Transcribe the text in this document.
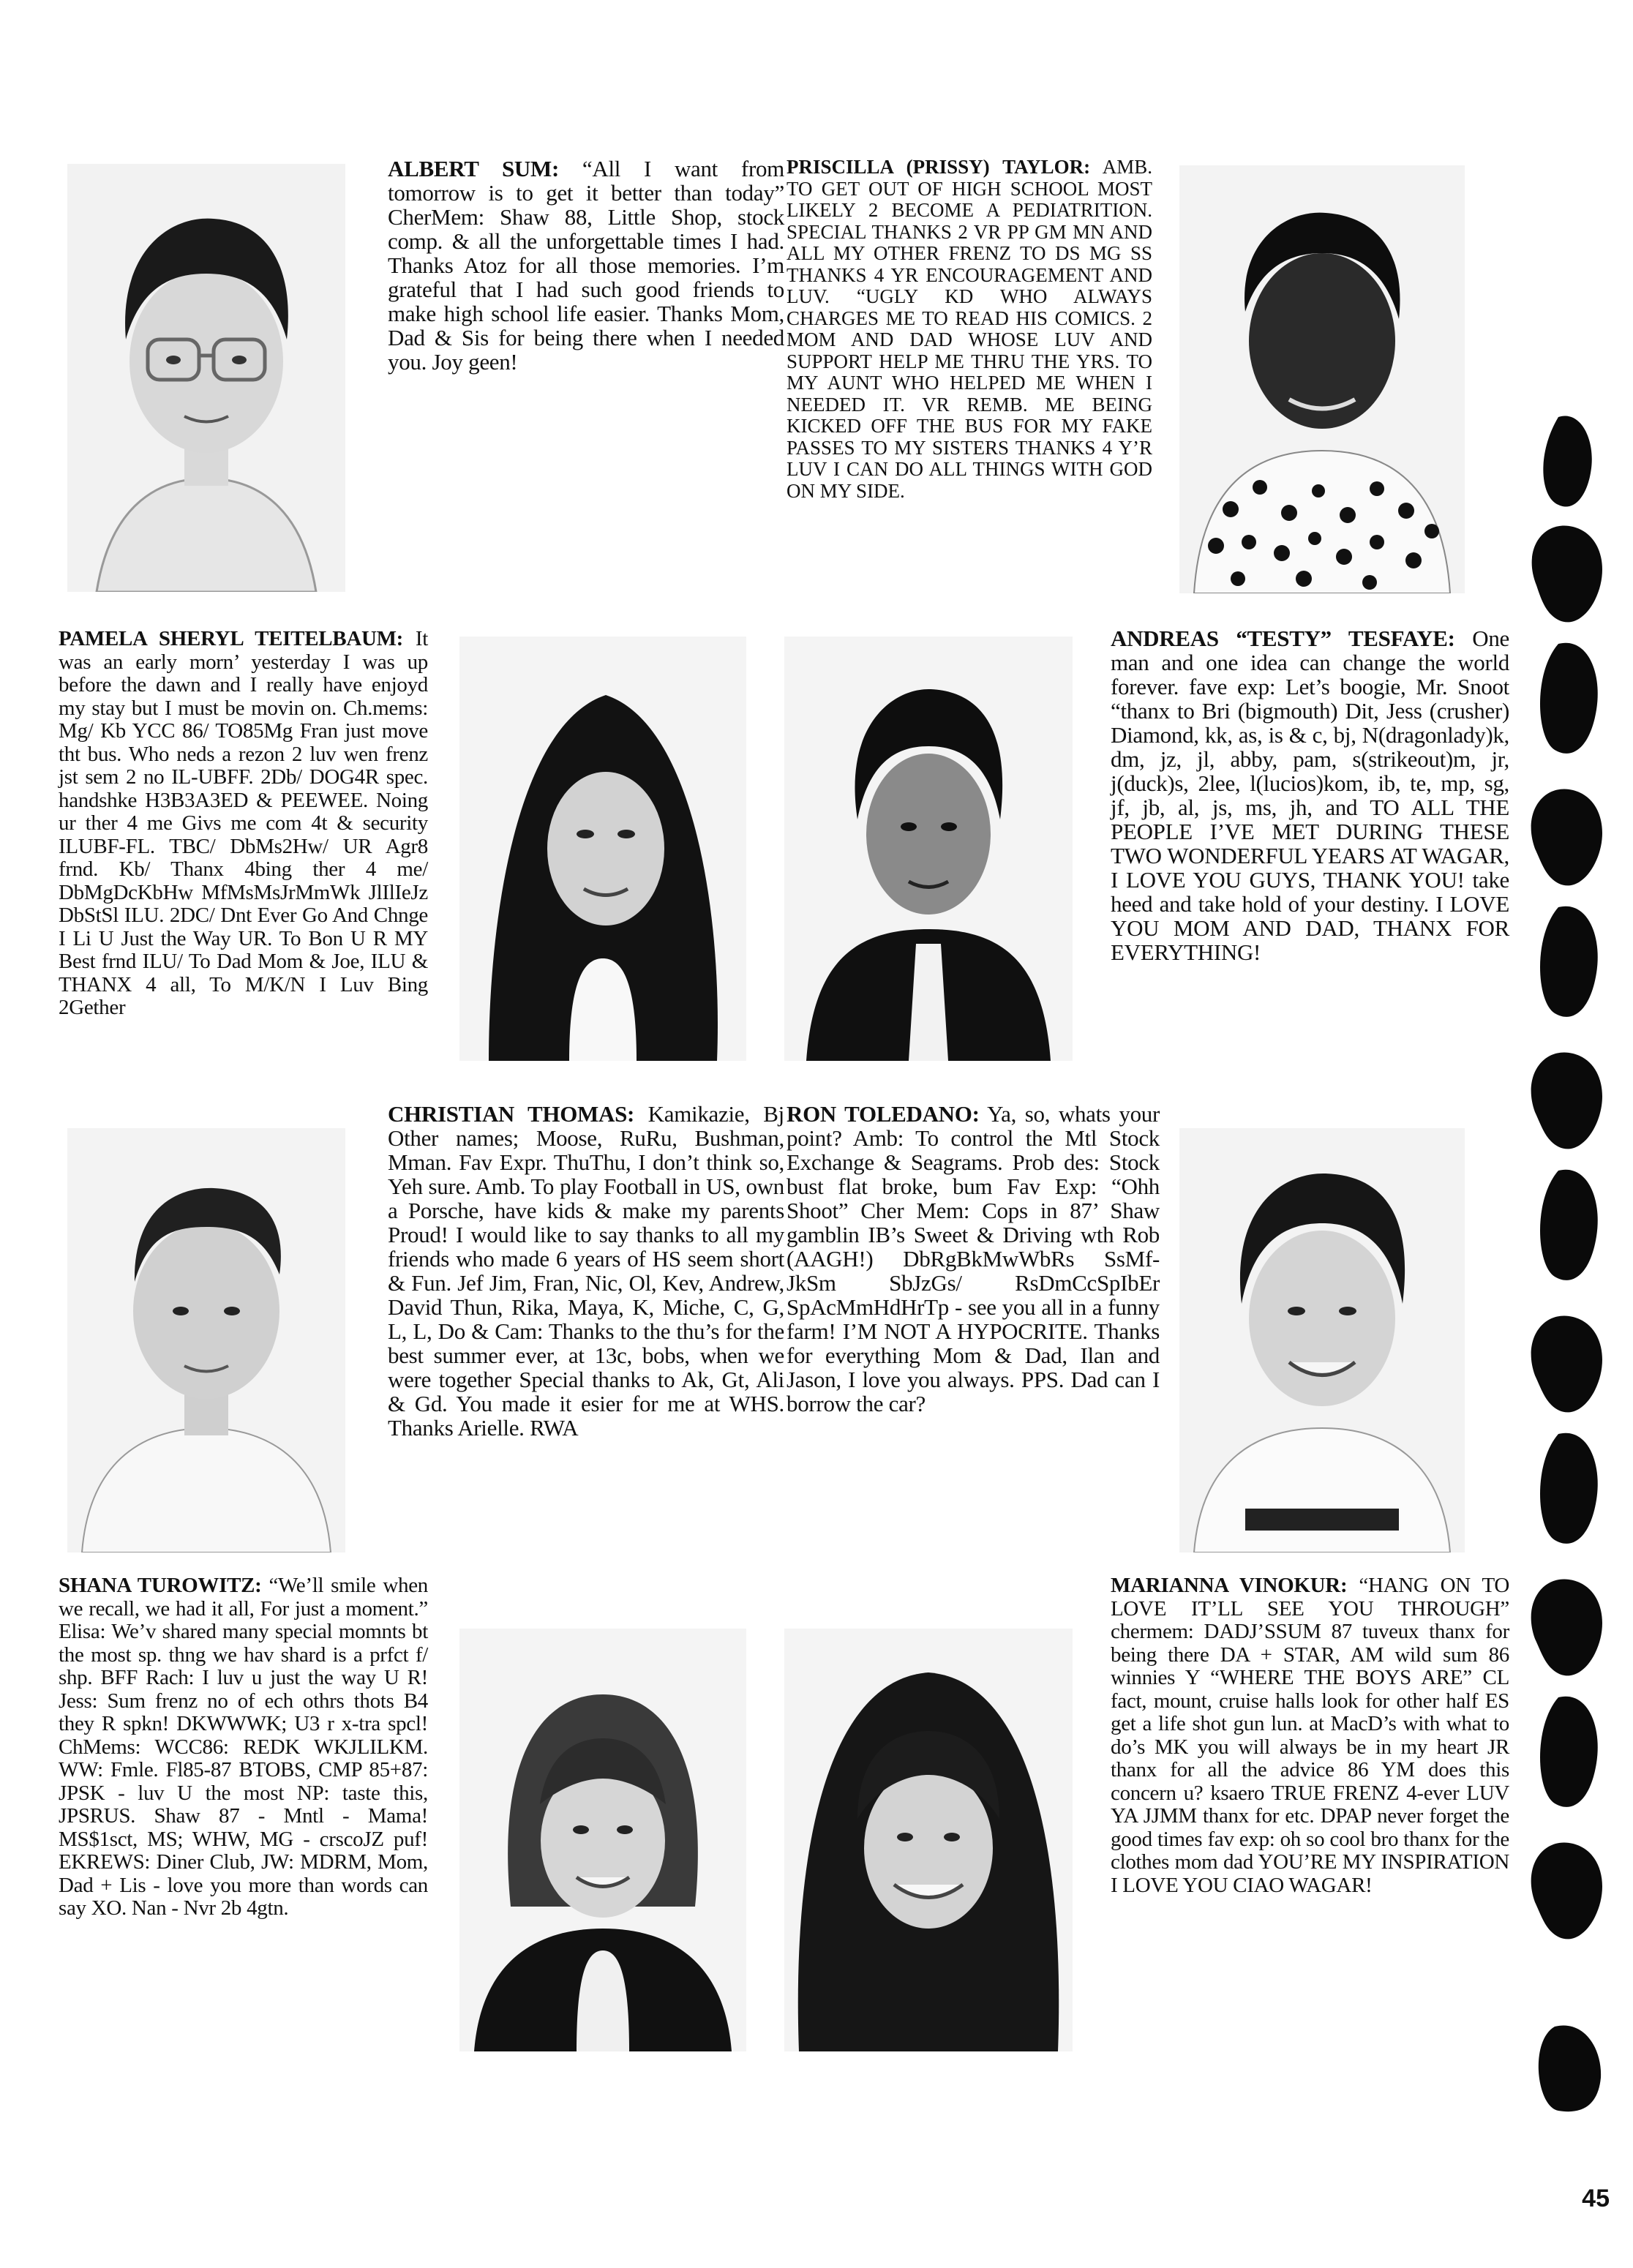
ALBERT SUM: “All I want from tomorrow is to get it better than today” CherMem: Shaw 88, Little Shop, stock comp. & all the unforgettable times I had. Thanks Atoz for all those memories. I’m grateful that I had such good friends to make high school life easier. Thanks Mom, Dad & Sis for being there when I needed you. Joy geen!

PRISCILLA (PRISSY) TAYLOR: AMB. TO GET OUT OF HIGH SCHOOL MOST LIKELY 2 BECOME A PEDIATRITION. SPECIAL THANKS 2 VR PP GM MN AND ALL MY OTHER FRENZ TO DS MG SS THANKS 4 YR ENCOURAGEMENT AND LUV. “UGLY KD WHO ALWAYS CHARGES ME TO READ HIS COMICS. 2 MOM AND DAD WHOSE LUV AND SUPPORT HELP ME THRU THE YRS. TO MY AUNT WHO HELPED ME WHEN I NEEDED IT. VR REMB. ME BEING KICKED OFF THE BUS FOR MY FAKE PASSES TO MY SISTERS THANKS 4 Y’R LUV I CAN DO ALL THINGS WITH GOD ON MY SIDE.

PAMELA SHERYL TEITELBAUM: It was an early morn’ yesterday I was up before the dawn and I really have enjoyd my stay but I must be movin on. Ch.mems: Mg/ Kb YCC 86/ TO85Mg Fran just move tht bus. Who neds a rezon 2 luv wen frenz jst sem 2 no IL-UBFF. 2Db/ DOG4R spec. handshke H3B3A3ED & PEEWEE. Noing ur ther 4 me Givs me com 4t & security ILUBF-FL. TBC/ DbMs2Hw/ UR Agr8 frnd. Kb/ Thanx 4bing ther 4 me/ DbMgDcKbHw MfMsMsJrMmWk JlIlIeJz DbStSl ILU. 2DC/ Dnt Ever Go And Chnge I Li U Just the Way UR. To Bon U R MY Best frnd ILU/ To Dad Mom & Joe, ILU & THANX 4 all, To M/K/N I Luv Bing 2Gether

ANDREAS “TESTY” TESFAYE: One man and one idea can change the world forever. fave exp: Let’s boogie, Mr. Snoot “thanx to Bri (bigmouth) Dit, Jess (crusher) Diamond, kk, as, is & c, bj, N(dragonlady)k, dm, jz, jl, abby, pam, s(strikeout)m, jr, j(duck)s, 2lee, l(lucios)kom, ib, te, mp, sg, jf, jb, al, js, ms, jh, and TO ALL THE PEOPLE I’VE MET DURING THESE TWO WONDERFUL YEARS AT WAGAR, I LOVE YOU GUYS, THANK YOU! take heed and take hold of your destiny. I LOVE YOU MOM AND DAD, THANX FOR EVERYTHING!

CHRISTIAN THOMAS: Kamikazie, Bj Other names; Moose, RuRu, Bushman, Mman. Fav Expr. ThuThu, I don’t think so, Yeh sure. Amb. To play Football in US, own a Porsche, have kids & make my parents Proud! I would like to say thanks to all my friends who made 6 years of HS seem short & Fun. Jef Jim, Fran, Nic, Ol, Kev, Andrew, David Thun, Rika, Maya, K, Miche, C, G, L, L, Do & Cam: Thanks to the thu’s for the best summer ever, at 13c, bobs, when we were together Special thanks to Ak, Gt, Ali & Gd. You made it esier for me at WHS. Thanks Arielle. RWA

RON TOLEDANO: Ya, so, whats your point? Amb: To control the Mtl Stock Exchange & Seagrams. Prob des: Stock bust flat broke, bum Fav Exp: “Ohh Shoot” Cher Mem: Cops in 87’ Shaw gamblin IB’s Sweet & Driving wth Rob (AAGH!) DbRgBkMwWbRs SsMf-JkSm SbJzGs/ RsDmCcSpIbEr SpAcMmHdHrTp - see you all in a funny farm! I’M NOT A HYPOCRITE. Thanks for everything Mom & Dad, Ilan and Jason, I love you always. PPS. Dad can I borrow the car?

SHANA TUROWITZ: “We’ll smile when we recall, we had it all, For just a moment.” Elisa: We’v shared many special momnts bt the most sp. thng we hav shard is a prfct f/ shp. BFF Rach: I luv u just the way U R! Jess: Sum frenz no of ech othrs thots B4 they R spkn! DKWWWK; U3 r x-tra spcl! ChMems: WCC86: REDK WKJLILKM. WW: Fmle. Fl85-87 BTOBS, CMP 85+87: JPSK - luv U the most NP: taste this, JPSRUS. Shaw 87 - Mntl - Mama! MS$1sct, MS; WHW, MG - crscoJZ puf! EKREWS: Diner Club, JW: MDRM, Mom, Dad + Lis - love you more than words can say XO. Nan - Nvr 2b 4gtn.

MARIANNA VINOKUR: “HANG ON TO LOVE IT’LL SEE YOU THROUGH” chermem: DADJ’SSUM 87 tuveux thanx for being there DA + STAR, AM wild sum 86 winnies Y “WHERE THE BOYS ARE” CL fact, mount, cruise halls look for other half ES get a life shot gun lun. at MacD’s with what to do’s MK you will always be in my heart JR thanx for all the advice 86 YM does this concern u? ksaero TRUE FRENZ 4-ever LUV YA JJMM thanx for etc. DPAP never forget the good times fav exp: oh so cool bro thanx for the clothes mom dad YOU’RE MY INSPIRATION I LOVE YOU CIAO WAGAR!

45
